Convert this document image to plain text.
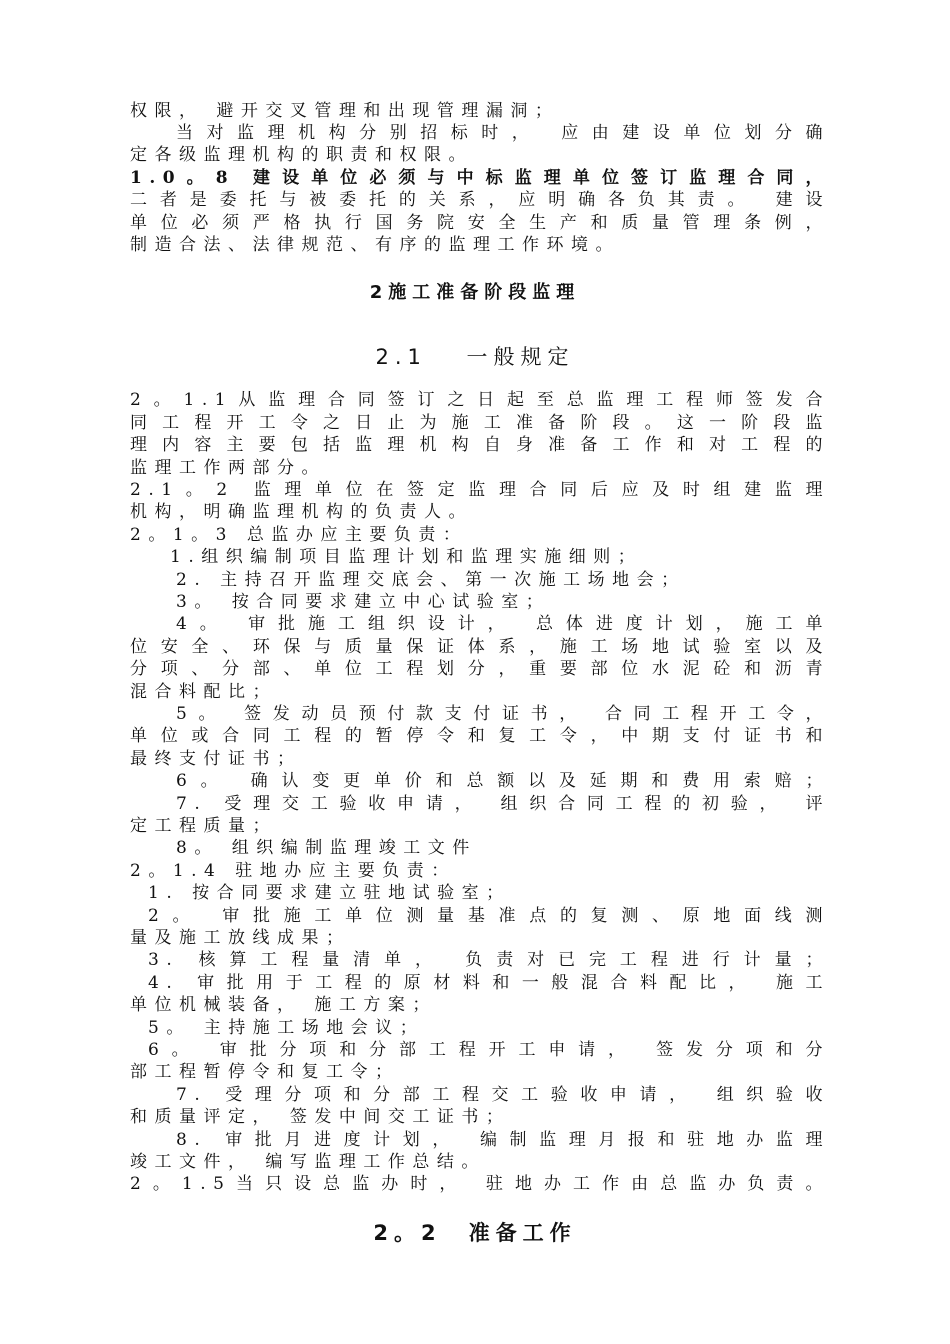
权限， 避开交叉管理和出现管理漏洞；
当对监理机构分别招标时， 应由建设单位划分确
定各级监理机构的职责和权限。
1.0。8 建设单位必须与中标监理单位签订监理合同，
二者是委托与被委托的关系，应明确各负其责。 建设
单位必须严格执行国务院安全生产和质量管理条例，
制造合法、法律规范、有序的监理工作环境。
2施工准备阶段监理
2.1　 一般规定
2。1.1从监理合同签订之日起至总监理工程师签发合
同工程开工令之日止为施工准备阶段。这一阶段监
理内容主要包括监理机构自身准备工作和对工程的
监理工作两部分。
2.1。2 监理单位在签定监理合同后应及时组建监理
机构，明确监理机构的负责人。
2。1。3 总监办应主要负责：
1.组织编制项目监理计划和监理实施细则；
2. 主持召开监理交底会、第一次施工场地会；
3。 按合同要求建立中心试验室；
4。 审批施工组织设计， 总体进度计划，施工单
位安全、环保与质量保证体系，施工场地试验室以及
分项、分部、单位工程划分，重要部位水泥砼和沥青
混合料配比；
5。 签发动员预付款支付证书， 合同工程开工令，
单位或合同工程的暂停令和复工令，中期支付证书和
最终支付证书；
6。 确认变更单价和总额以及延期和费用索赔；
7. 受理交工验收申请， 组织合同工程的初验， 评
定工程质量；
8。 组织编制监理竣工文件
2。1.4 驻地办应主要负责：
1. 按合同要求建立驻地试验室；
2。 审批施工单位测量基准点的复测、原地面线测
量及施工放线成果；
3. 核算工程量清单， 负责对已完工程进行计量；
4. 审批用于工程的原材料和一般混合料配比， 施工
单位机械装备， 施工方案；
5。 主持施工场地会议；
6。 审批分项和分部工程开工申请， 签发分项和分
部工程暂停令和复工令；
7. 受理分项和分部工程交工验收申请， 组织验收
和质量评定， 签发中间交工证书；
8. 审批月进度计划， 编制监理月报和驻地办监理
竣工文件， 编写监理工作总结。
2。1.5当只设总监办时， 驻地办工作由总监办负责。
2。2　准备工作
